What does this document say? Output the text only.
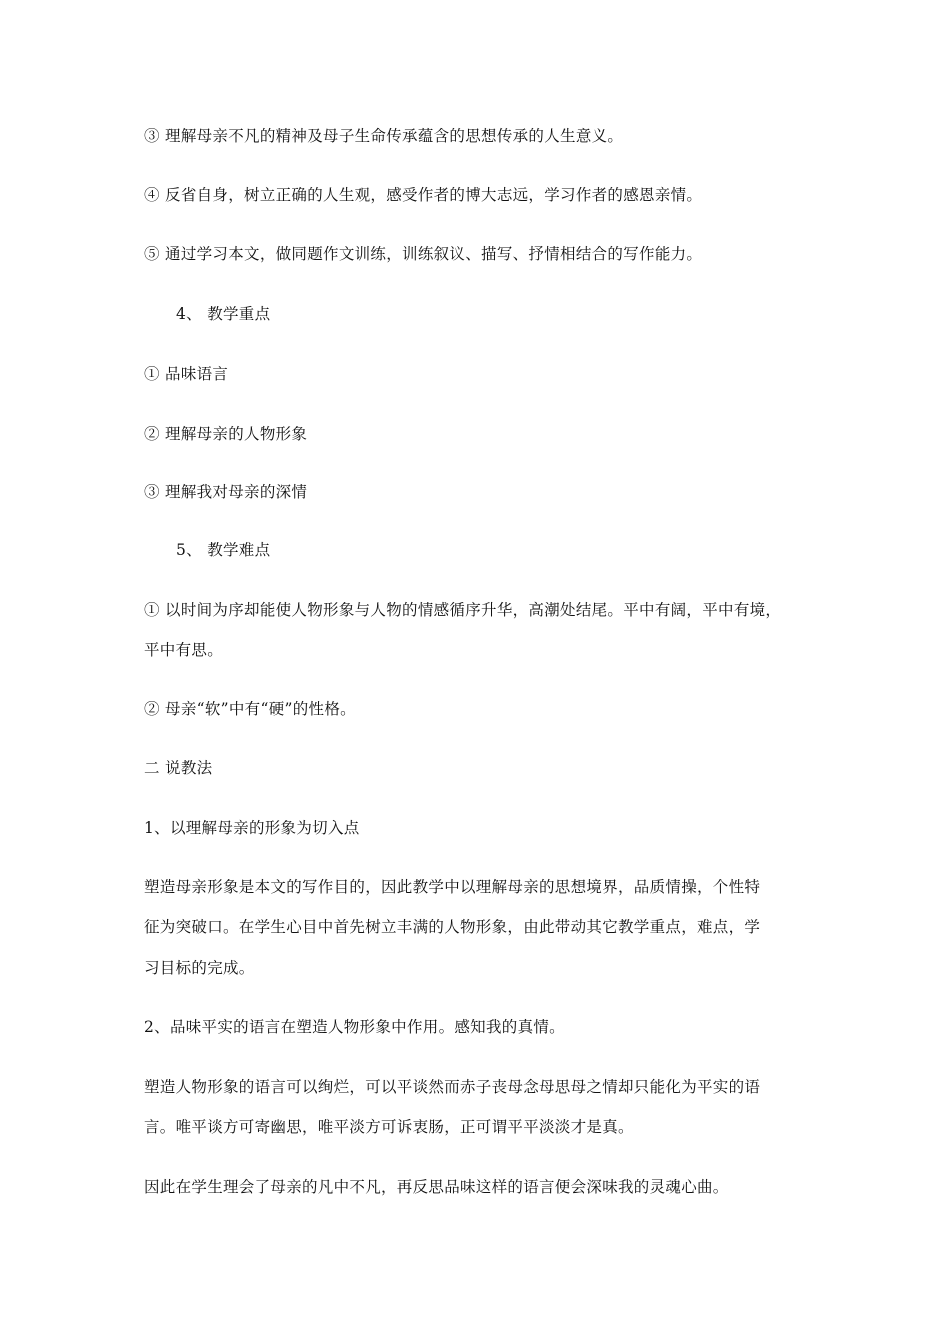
③ 理解母亲不凡的精神及母子生命传承蕴含的思想传承的人生意义。
④ 反省自身，树立正确的人生观，感受作者的博大志远，学习作者的感恩亲情。
⑤ 通过学习本文，做同题作文训练，训练叙议、描写、抒情相结合的写作能力。
4、 教学重点
① 品味语言
② 理解母亲的人物形象
③ 理解我对母亲的深情
5、 教学难点
① 以时间为序却能使人物形象与人物的情感循序升华，高潮处结尾。平中有阔，平中有境，
平中有思。
② 母亲“软”中有“硬”的性格。
二 说教法
1、以理解母亲的形象为切入点
塑造母亲形象是本文的写作目的，因此教学中以理解母亲的思想境界，品质情操，个性特
征为突破口。在学生心目中首先树立丰满的人物形象，由此带动其它教学重点，难点，学
习目标的完成。
2、品味平实的语言在塑造人物形象中作用。感知我的真情。
塑造人物形象的语言可以绚烂，可以平谈然而赤子丧母念母思母之情却只能化为平实的语
言。唯平谈方可寄幽思，唯平淡方可诉衷肠，正可谓平平淡淡才是真。
因此在学生理会了母亲的凡中不凡，再反思品味这样的语言便会深味我的灵魂心曲。
